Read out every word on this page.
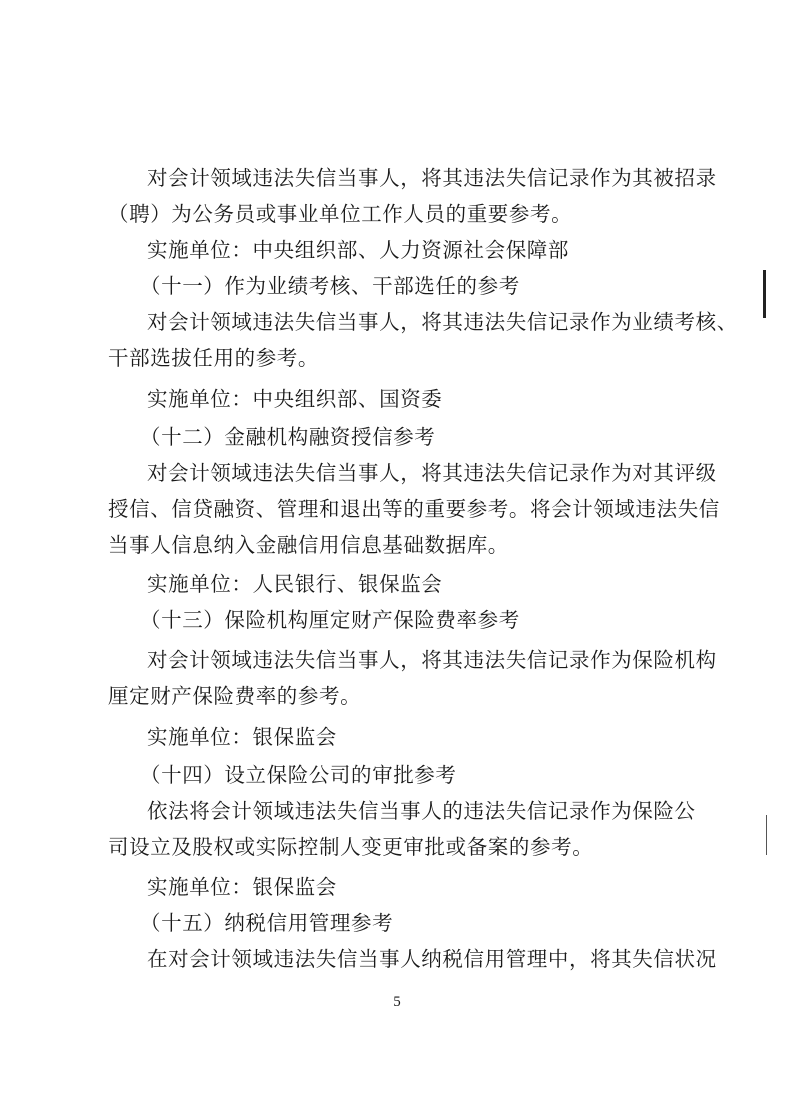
对会计领域违法失信当事人，将其违法失信记录作为其被招录
（聘）为公务员或事业单位工作人员的重要参考。
实施单位：中央组织部、人力资源社会保障部
（十一）作为业绩考核、干部选任的参考
对会计领域违法失信当事人，将其违法失信记录作为业绩考核、
干部选拔任用的参考。
实施单位：中央组织部、国资委
（十二）金融机构融资授信参考
对会计领域违法失信当事人，将其违法失信记录作为对其评级
授信、信贷融资、管理和退出等的重要参考。将会计领域违法失信
当事人信息纳入金融信用信息基础数据库。
实施单位：人民银行、银保监会
（十三）保险机构厘定财产保险费率参考
对会计领域违法失信当事人，将其违法失信记录作为保险机构
厘定财产保险费率的参考。
实施单位：银保监会
（十四）设立保险公司的审批参考
依法将会计领域违法失信当事人的违法失信记录作为保险公
司设立及股权或实际控制人变更审批或备案的参考。
实施单位：银保监会
（十五）纳税信用管理参考
在对会计领域违法失信当事人纳税信用管理中，将其失信状况
5
